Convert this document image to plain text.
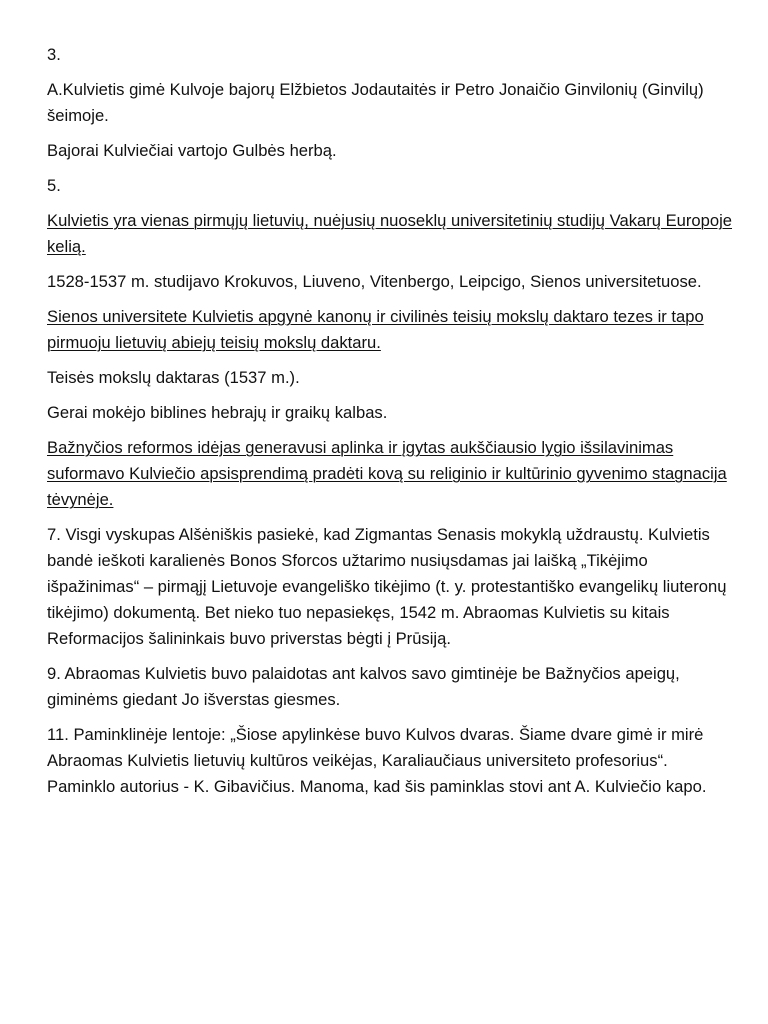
3.

A.Kulvietis gimė Kulvoje bajorų Elžbietos Jodautaitės ir Petro Jonaičio Ginvilonių (Ginvilų) šeimoje.

Bajorai Kulviečiai vartojo Gulbės herbą.

5.

Kulvietis yra vienas pirmųjų lietuvių, nuėjusių nuoseklų universitetinių studijų Vakarų Europoje kelią.

1528-1537 m. studijavo Krokuvos, Liuveno, Vitenbergo, Leipcigo, Sienos universitetuose.

Sienos universitete Kulvietis apgynė kanonų ir civilinės teisių mokslų daktaro tezes ir tapo pirmuoju lietuvių abiejų teisių mokslų daktaru.

Teisės mokslų daktaras (1537 m.).

Gerai mokėjo biblines hebrajų ir graikų kalbas.

Bažnyčios reformos idėjas generavusi aplinka ir įgytas aukščiausio lygio išsilavinimas suformavo Kulviečio apsisprendimą pradėti kovą su religinio ir kultūrinio gyvenimo stagnacija tėvynėje.

7. Visgi vyskupas Alšėniškis pasiekė, kad Zigmantas Senasis mokyklą uždraustų. Kulvietis bandė ieškoti karalienės Bonos Sforcos užtarimo nusiųsdamas jai laišką „Tikėjimo išpažinimas“ – pirmąjį Lietuvoje evangeliško tikėjimo (t. y. protestantiško evangelikų liuteronų tikėjimo) dokumentą. Bet nieko tuo nepasiekęs, 1542 m. Abraomas Kulvietis su kitais Reformacijos šalininkais buvo priverstas bėgti į Prūsiją.

9. Abraomas Kulvietis buvo palaidotas ant kalvos savo gimtinėje be Bažnyčios apeigų, giminėms giedant Jo išverstas giesmes.

11. Paminklinėje lentoje: „Šiose apylinkėse buvo Kulvos dvaras. Šiame dvare gimė ir mirė Abraomas Kulvietis lietuvių kultūros veikėjas, Karaliaučiaus universiteto profesorius“. Paminklo autorius - K. Gibavičius. Manoma, kad šis paminklas stovi ant A. Kulviečio kapo.
